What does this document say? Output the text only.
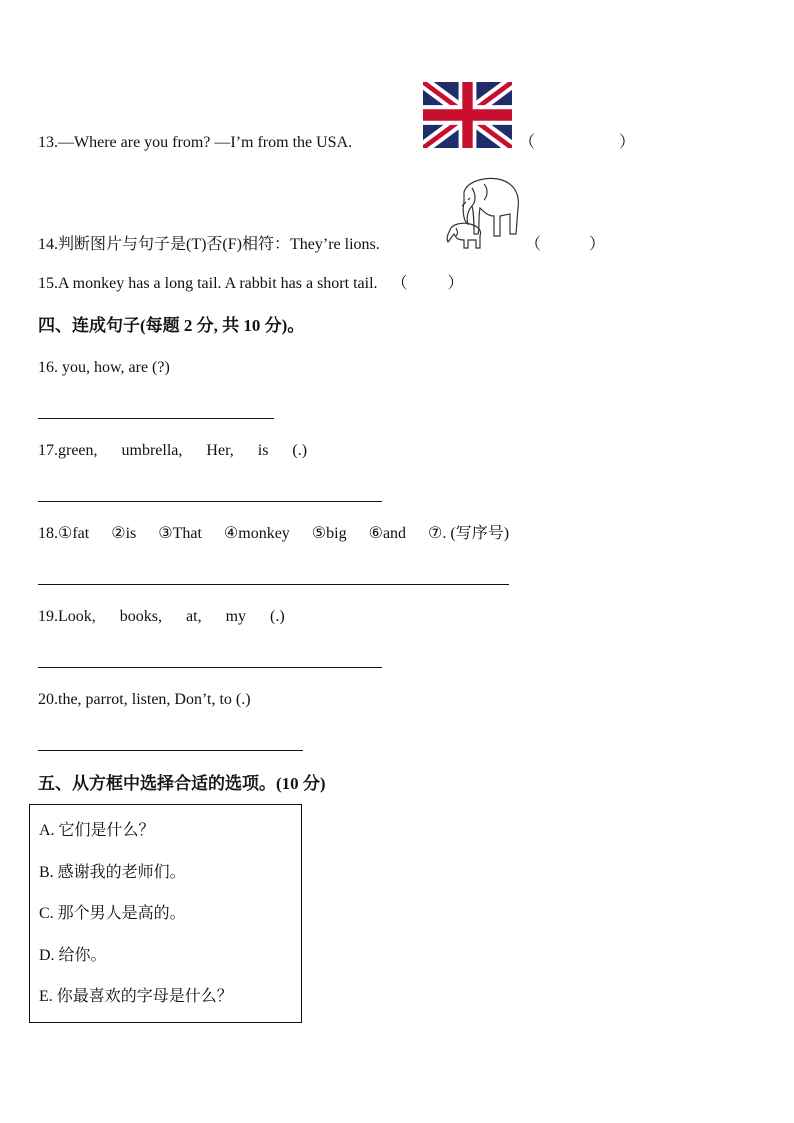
13.—Where are you from? —I’m from the USA.	（	）
14.判断图片与句子是(T)否(F)相符：They’re lions.	（	）
15.A monkey has a long tail. A rabbit has a short tail. （	）
四、连成句子(每题 2 分, 共 10 分)。
16. you, how, are (?)
17.green, umbrella, Her, is (.)
18.①fat ②is ③That ④monkey ⑤big ⑥and ⑦. (写序号)
19.Look, books, at, my (.)
20.the, parrot, listen, Don’t, to (.)
五、从方框中选择合适的选项。(10 分)
A. 它们是什么？
B. 感谢我的老师们。
C. 那个男人是高的。
D. 给你。
E. 你最喜欢的字母是什么？
